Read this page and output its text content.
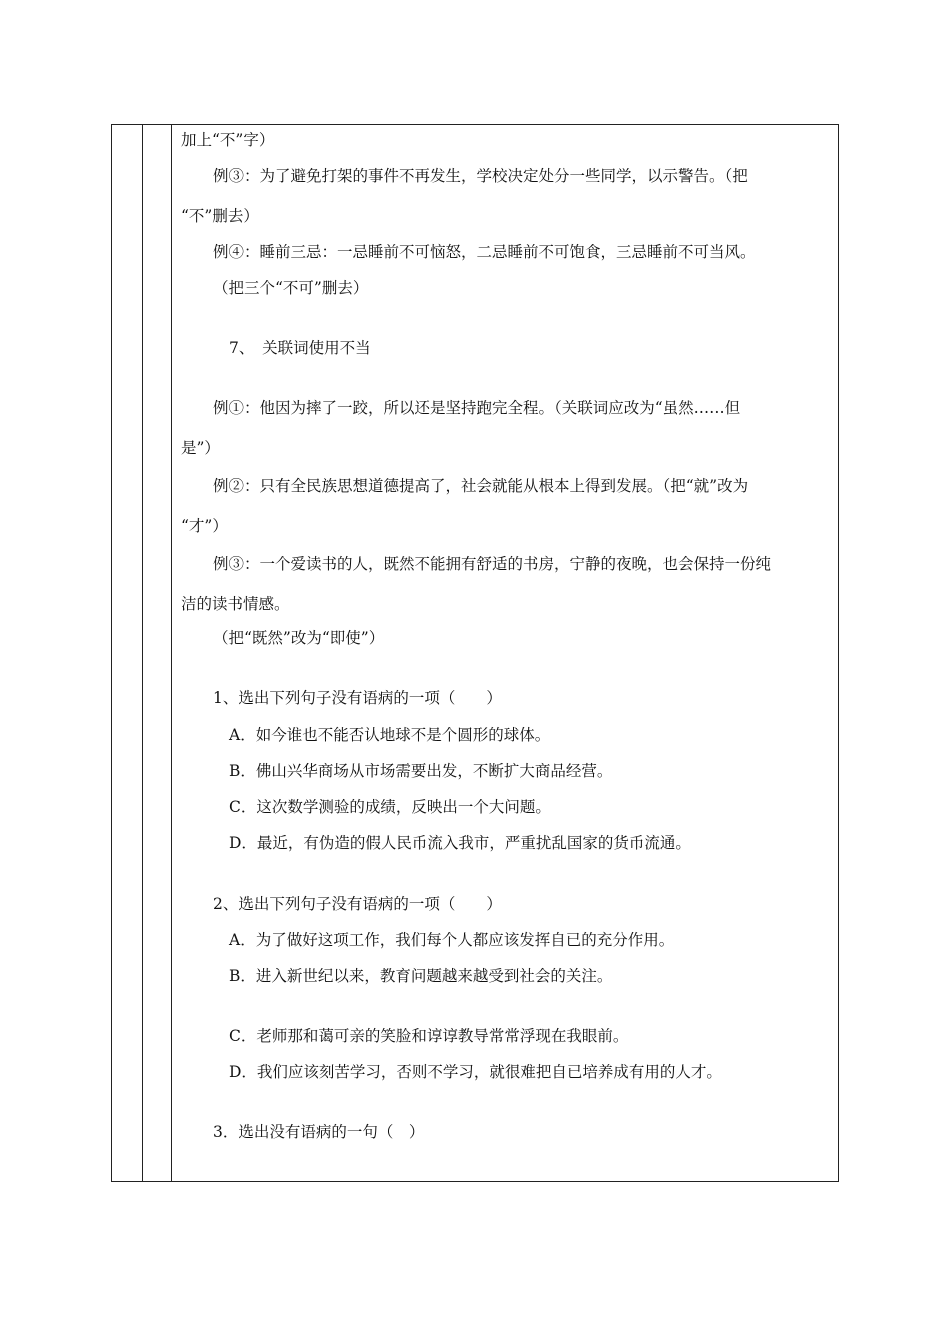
加上“不”字）
例③：为了避免打架的事件不再发生，学校决定处分一些同学，以示警告。（把
“不”删去）
例④：睡前三忌：一忌睡前不可恼怒，二忌睡前不可饱食，三忌睡前不可当风。
（把三个“不可”删去）
7、　关联词使用不当
例①：他因为摔了一跤，所以还是坚持跑完全程。（关联词应改为“虽然……但
是”）
例②：只有全民族思想道德提高了，社会就能从根本上得到发展。（把“就”改为
“才”）
例③：一个爱读书的人，既然不能拥有舒适的书房，宁静的夜晚，也会保持一份纯
洁的读书情感。
（把“既然”改为“即使”）
1、选出下列句子没有语病的一项（　　）
A．如今谁也不能否认地球不是个圆形的球体。
B．佛山兴华商场从市场需要出发，不断扩大商品经营。
C．这次数学测验的成绩，反映出一个大问题。
D．最近，有伪造的假人民币流入我市，严重扰乱国家的货币流通。
2、选出下列句子没有语病的一项（　　）
A．为了做好这项工作，我们每个人都应该发挥自已的充分作用。
B．进入新世纪以来，教育问题越来越受到社会的关注。
C．老师那和蔼可亲的笑脸和谆谆教导常常浮现在我眼前。
D．我们应该刻苦学习，否则不学习，就很难把自已培养成有用的人才。
3．选出没有语病的一句（　）
